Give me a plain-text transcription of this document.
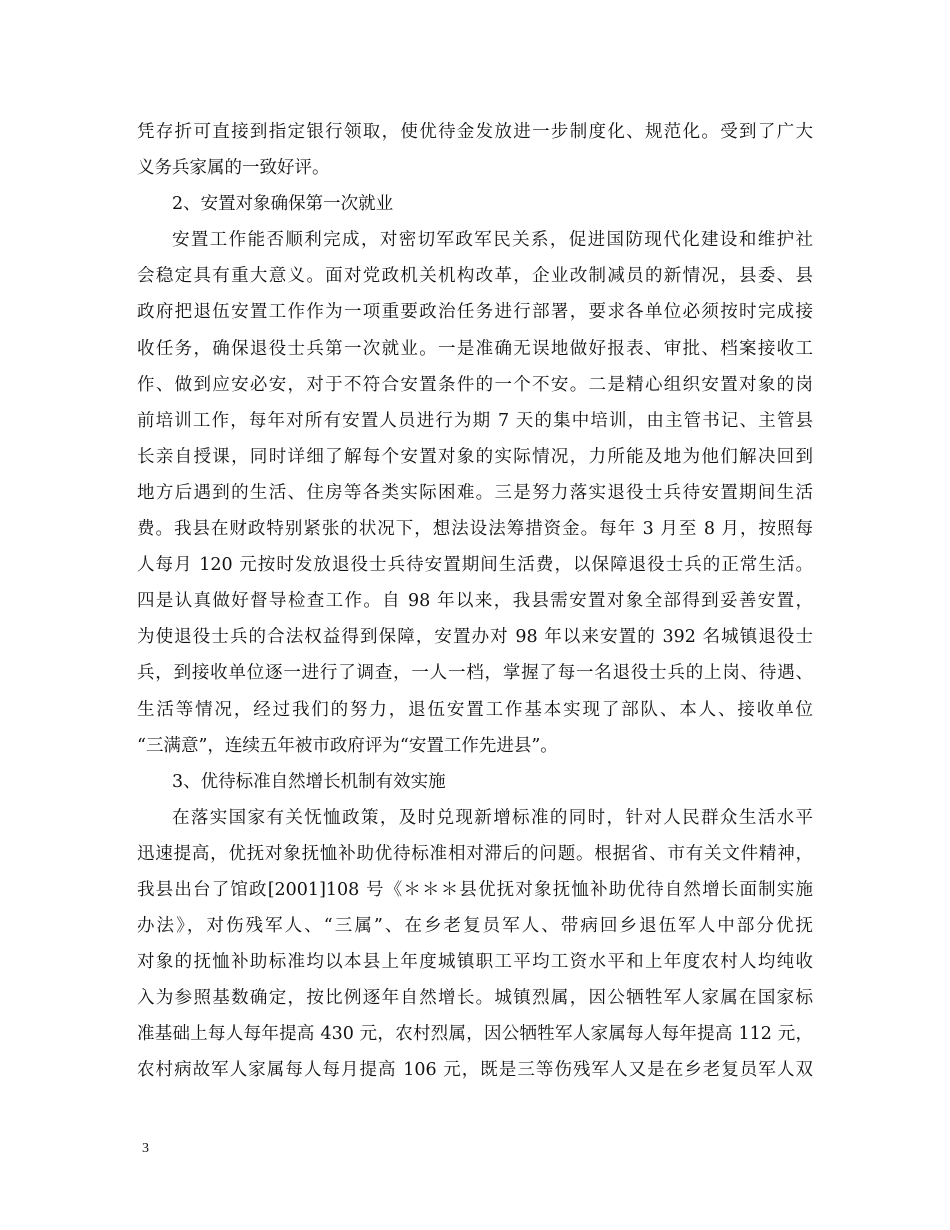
凭存折可直接到指定银行领取，使优待金发放进一步制度化、规范化。受到了广大
义务兵家属的一致好评。
2、安置对象确保第一次就业
安置工作能否顺利完成，对密切军政军民关系，促进国防现代化建设和维护社
会稳定具有重大意义。面对党政机关机构改革，企业改制减员的新情况，县委、县
政府把退伍安置工作作为一项重要政治任务进行部署，要求各单位必须按时完成接
收任务，确保退役士兵第一次就业。一是准确无误地做好报表、审批、档案接收工
作、做到应安必安，对于不符合安置条件的一个不安。二是精心组织安置对象的岗
前培训工作，每年对所有安置人员进行为期 7 天的集中培训，由主管书记、主管县
长亲自授课，同时详细了解每个安置对象的实际情况，力所能及地为他们解决回到
地方后遇到的生活、住房等各类实际困难。三是努力落实退役士兵待安置期间生活
费。我县在财政特别紧张的状况下，想法设法筹措资金。每年 3 月至 8 月，按照每
人每月 120 元按时发放退役士兵待安置期间生活费，以保障退役士兵的正常生活。
四是认真做好督导检查工作。自 98 年以来，我县需安置对象全部得到妥善安置，
为使退役士兵的合法权益得到保障，安置办对 98 年以来安置的 392 名城镇退役士
兵，到接收单位逐一进行了调查，一人一档，掌握了每一名退役士兵的上岗、待遇、
生活等情况，经过我们的努力，退伍安置工作基本实现了部队、本人、接收单位
“三满意”，连续五年被市政府评为“安置工作先进县”。
3、优待标准自然增长机制有效实施
在落实国家有关怃恤政策，及时兑现新增标准的同时，针对人民群众生活水平
迅速提高，优抚对象抚恤补助优待标准相对滞后的问题。根据省、市有关文件精神，
我县出台了馆政[2001]108 号《＊＊＊县优抚对象抚恤补助优待自然增长面制实施
办法》，对伤残军人、“三属”、在乡老复员军人、带病回乡退伍军人中部分优抚
对象的抚恤补助标准均以本县上年度城镇职工平均工资水平和上年度农村人均纯收
入为参照基数确定，按比例逐年自然增长。城镇烈属，因公牺牲军人家属在国家标
准基础上每人每年提高 430 元，农村烈属，因公牺牲军人家属每人每年提高 112 元，
农村病故军人家属每人每月提高 106 元，既是三等伤残军人又是在乡老复员军人双
3
